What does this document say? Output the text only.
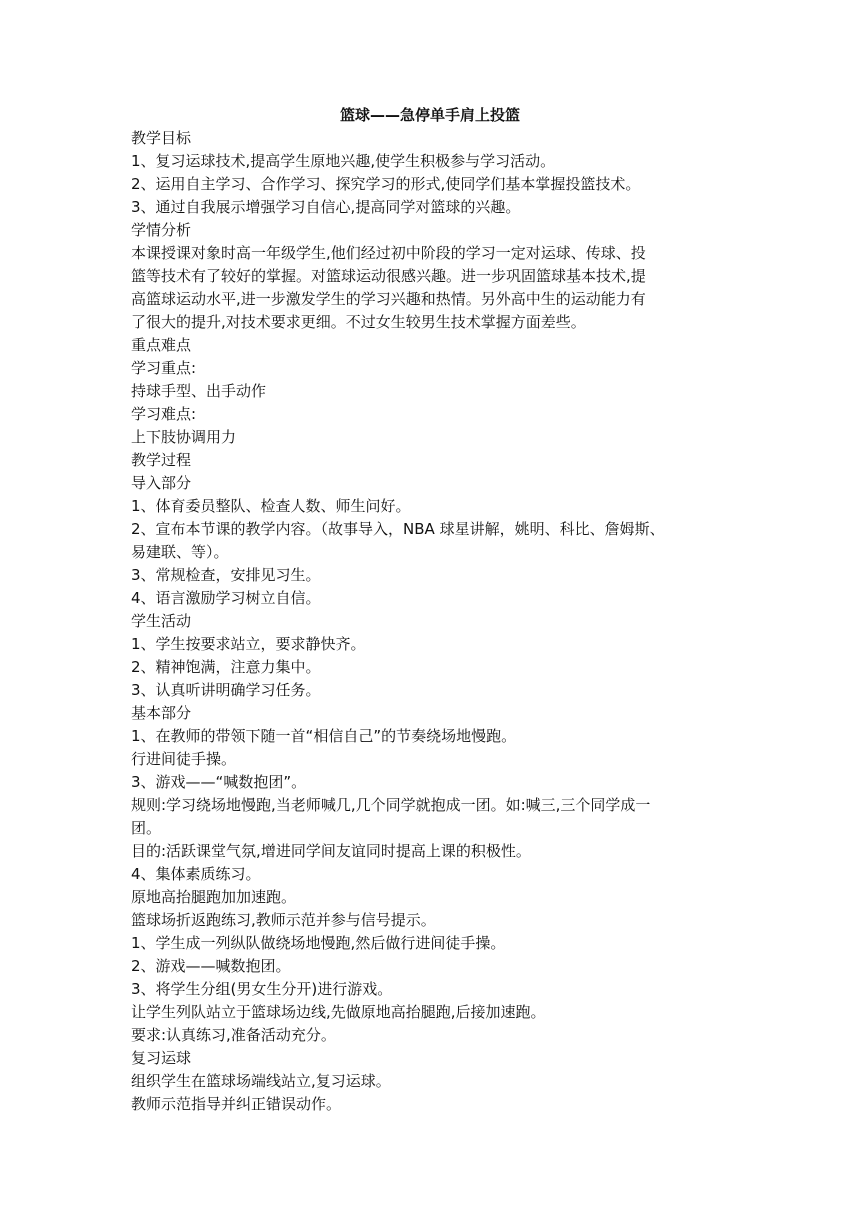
篮球——急停单手肩上投篮

教学目标

1、复习运球技术,提高学生原地兴趣,使学生积极参与学习活动。

2、运用自主学习、合作学习、探究学习的形式,使同学们基本掌握投篮技术。

3、通过自我展示增强学习自信心,提高同学对篮球的兴趣。

学情分析

本课授课对象时高一年级学生,他们经过初中阶段的学习一定对运球、传球、投

篮等技术有了较好的掌握。对篮球运动很感兴趣。进一步巩固篮球基本技术,提

高篮球运动水平,进一步激发学生的学习兴趣和热情。另外高中生的运动能力有

了很大的提升,对技术要求更细。不过女生较男生技术掌握方面差些。

重点难点

学习重点:

持球手型、出手动作

学习难点:

上下肢协调用力

教学过程

导入部分

1、体育委员整队、检查人数、师生问好。

2、宣布本节课的教学内容。（故事导入，NBA 球星讲解，姚明、科比、詹姆斯、

易建联、等）。

3、常规检查，安排见习生。

4、语言激励学习树立自信。

学生活动

1、学生按要求站立，要求静快齐。

2、精神饱满，注意力集中。

3、认真听讲明确学习任务。

基本部分

1、在教师的带领下随一首“相信自己”的节奏绕场地慢跑。

行进间徒手操。

3、游戏——“喊数抱团”。

规则:学习绕场地慢跑,当老师喊几,几个同学就抱成一团。如:喊三,三个同学成一

团。

目的:活跃课堂气氛,增进同学间友谊同时提高上课的积极性。

4、集体素质练习。

原地高抬腿跑加加速跑。

篮球场折返跑练习,教师示范并参与信号提示。

1、学生成一列纵队做绕场地慢跑,然后做行进间徒手操。

2、游戏——喊数抱团。

3、将学生分组(男女生分开)进行游戏。

让学生列队站立于篮球场边线,先做原地高抬腿跑,后接加速跑。

要求:认真练习,准备活动充分。

复习运球

组织学生在篮球场端线站立,复习运球。

教师示范指导并纠正错误动作。
